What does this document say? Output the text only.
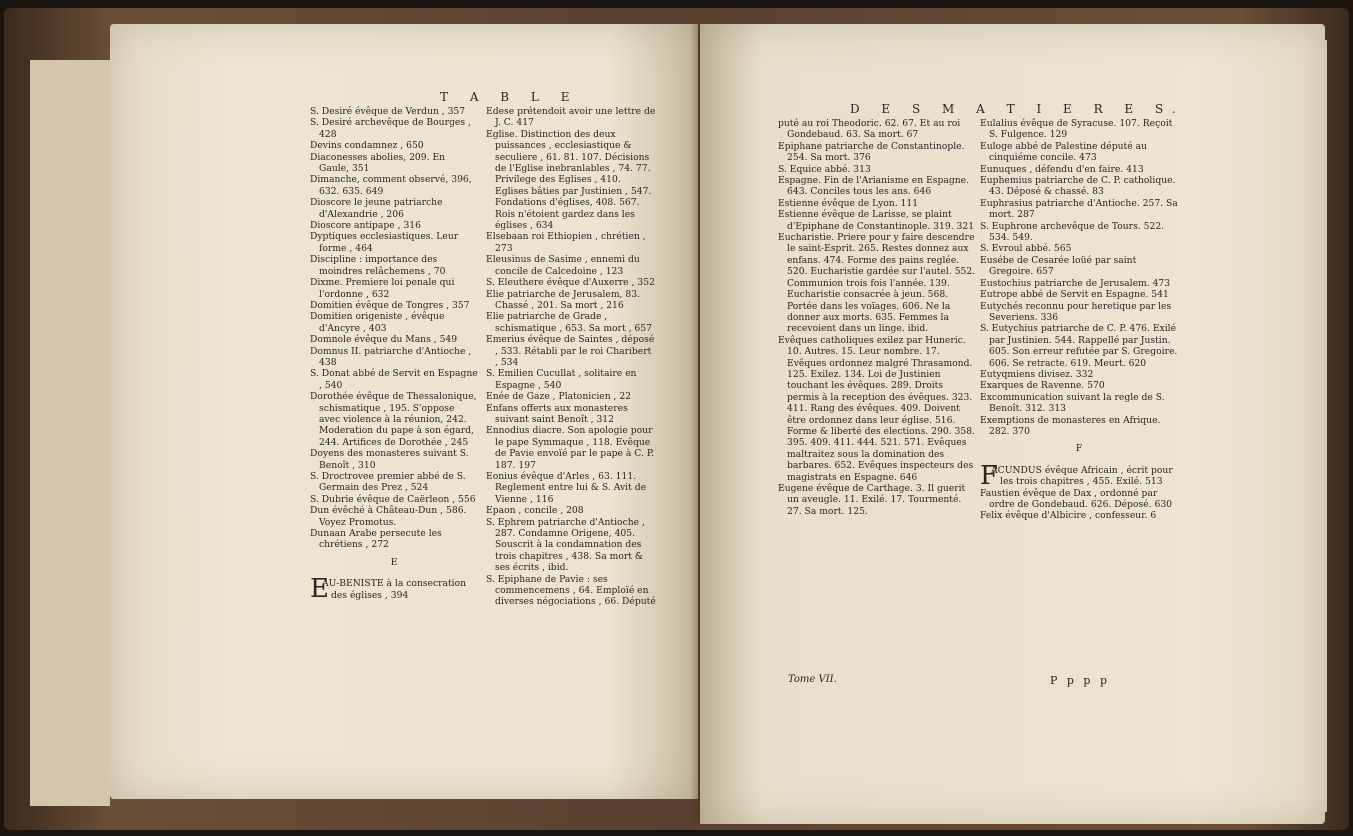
T A B L E

S. Desiré évêque de Verdun , 357

S. Desiré archevêque de Bourges , 428

Devins condamnez , 650

Diaconesses abolies, 209. En Gaule, 351

Dimanche, comment observé, 396, 632. 635. 649

Dioscore le jeune patriarche d'Alexandrie , 206

Dioscore antipape , 316

Dyptiques ecclesiastiques. Leur forme , 464

Discipline : importance des moindres relâchemens , 70

Dixme. Premiere loi penale qui l'ordonne , 632

Domitien évêque de Tongres , 357

Domitien origeniste , évêque d'Ancyre , 403

Domnole évêque du Mans , 549

Domnus II. patriarche d'Antioche , 438

S. Donat abbé de Servit en Espagne , 540

Dorothée évêque de Thessalonique, schismatique , 195. S'oppose avec violence à la réunion, 242. Moderation du pape à son égard, 244. Artifices de Dorothée , 245

Doyens des monasteres suivant S. Benoît , 310

S. Droctrovee premier abbé de S. Germain des Prez , 524

S. Dubrie évêque de Caërleon , 556

Dun évêché à Château-Dun , 586. Voyez Promotus.

Dunaan Arabe persecute les chrétiens , 272

E

EAU-BENISTE à la consecration des églises , 394

Edese prétendoit avoir une lettre de J. C. 417

Eglise. Distinction des deux puissances , ecclesiastique & seculiere , 61. 81. 107. Décisions de l'Eglise inebranlables , 74. 77. Privilege des Eglises , 410. Eglises bâties par Justinien , 547. Fondations d'églises, 408. 567. Rois n'étoient gardez dans les églises , 634

Elsebaan roi Ethiopien , chrétien , 273

Eleusinus de Sasime , ennemi du concile de Calcedoine , 123

S. Eleuthere évêque d'Auxerre , 352

Elie patriarche de Jerusalem, 83. Chassé , 201. Sa mort , 216

Elie patriarche de Grade , schismatique , 653. Sa mort , 657

Emerius évêque de Saintes , déposé , 533. Rétabli par le roi Charibert , 534

S. Emilien Cucullat , solitaire en Espagne , 540

Enée de Gaze , Platonicien , 22

Enfans offerts aux monasteres suivant saint Benoît , 312

Ennodius diacre. Son apologie pour le pape Symmaque , 118. Evêque de Pavie envoïé par le pape à C. P. 187. 197

Eonius évêque d'Arles , 63. 111. Reglement entre lui & S. Avit de Vienne , 116

Epaon , concile , 208

S. Ephrem patriarche d'Antioche , 287. Condamne Origene, 405. Souscrit à la condamnation des trois chapitres , 438. Sa mort & ses écrits , ibid.

S. Epiphane de Pavie : ses commencemens , 64. Emploïé en diverses négociations , 66. Député

D E S M A T I E R E S.

puté au roi Theodoric. 62. 67. Et au roi Gondebaud. 63. Sa mort. 67

Epiphane patriarche de Constantinople. 254. Sa mort. 376

S. Equice abbé. 313

Espagne. Fin de l'Arianisme en Espagne. 643. Conciles tous les ans. 646

Estienne évêque de Lyon. 111

Estienne évêque de Larisse, se plaint d'Epiphane de Constantinople. 319. 321

Eucharistie. Priere pour y faire descendre le saint-Esprit. 265. Restes donnez aux enfans. 474. Forme des pains reglée. 520. Eucharistie gardée sur l'autel. 552. Communion trois fois l'année. 139. Eucharistie consacrée à jeun. 568. Portée dans les voïages. 606. Ne la donner aux morts. 635. Femmes la recevoient dans un linge. ibid.

Evêques catholiques exilez par Huneric. 10. Autres. 15. Leur nombre. 17. Evêques ordonnez malgré Thrasamond. 125. Exilez. 134. Loi de Justinien touchant les évêques. 289. Droits permis à la reception des évêques. 323. 411. Rang des évêques. 409. Doivent être ordonnez dans leur église. 516. Forme & liberté des elections. 290. 358. 395. 409. 411. 444. 521. 571. Evêques maltraitez sous la domination des barbares. 652. Evêques inspecteurs des magistrats en Espagne. 646

Eugene évêque de Carthage. 3. Il guerit un aveugle. 11. Exilé. 17. Tourmenté. 27. Sa mort. 125.

Eulalius évêque de Syracuse. 107. Reçoit S. Fulgence. 129

Euloge abbé de Palestine député au cinquiéme concile. 473

Eunuques , défendu d'en faire. 413

Euphemius patriarche de C. P. catholique. 43. Déposé & chassé. 83

Euphrasius patriarche d'Antioche. 257. Sa mort. 287

S. Euphrone archevêque de Tours. 522. 534. 549.

S. Evroul abbé. 565

Eusébe de Cesarée loüé par saint Gregoire. 657

Eustochius patriarche de Jerusalem. 473

Eutrope abbé de Servit en Espagne. 541

Eutychés reconnu pour heretique par les Severiens. 336

S. Eutychius patriarche de C. P. 476. Exilé par Justinien. 544. Rappellé par Justin. 605. Son erreur refutée par S. Gregoire. 606. Se retracte. 619. Meurt. 620

Eutyqmiens divisez. 332

Exarques de Ravenne. 570

Excommunication suivant la regle de S. Benoît. 312. 313

Exemptions de monasteres en Afrique. 282. 370

F

FACUNDUS évêque Africain , écrit pour les trois chapitres , 455. Exilé. 513

Faustien évêque de Dax , ordonné par ordre de Gondebaud. 626. Déposé. 630

Felix évêque d'Albicire , confesseur. 6

Tome VII.	P p p p
